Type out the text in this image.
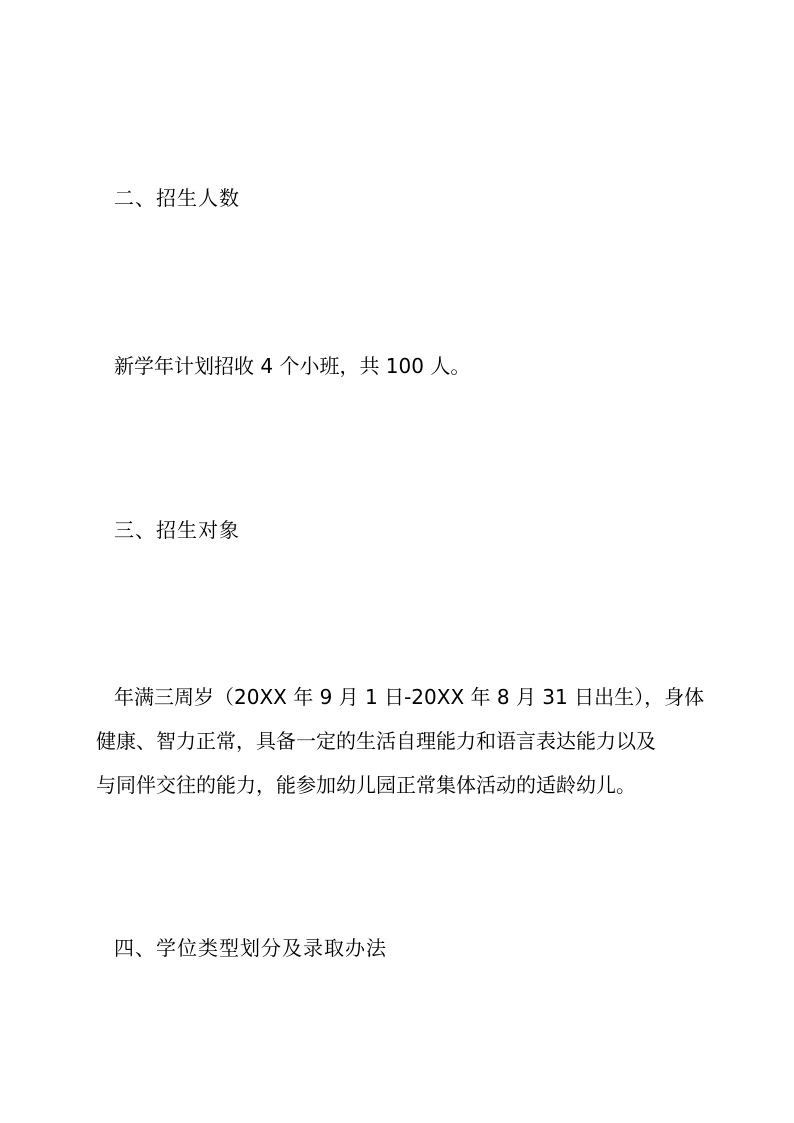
二、招生人数

新学年计划招收 4 个小班，共 100 人。

三、招生对象

年满三周岁（20XX 年 9 月 1 日-20XX 年 8 月 31 日出生），身体
健康、智力正常，具备一定的生活自理能力和语言表达能力以及
与同伴交往的能力，能参加幼儿园正常集体活动的适龄幼儿。

四、学位类型划分及录取办法
